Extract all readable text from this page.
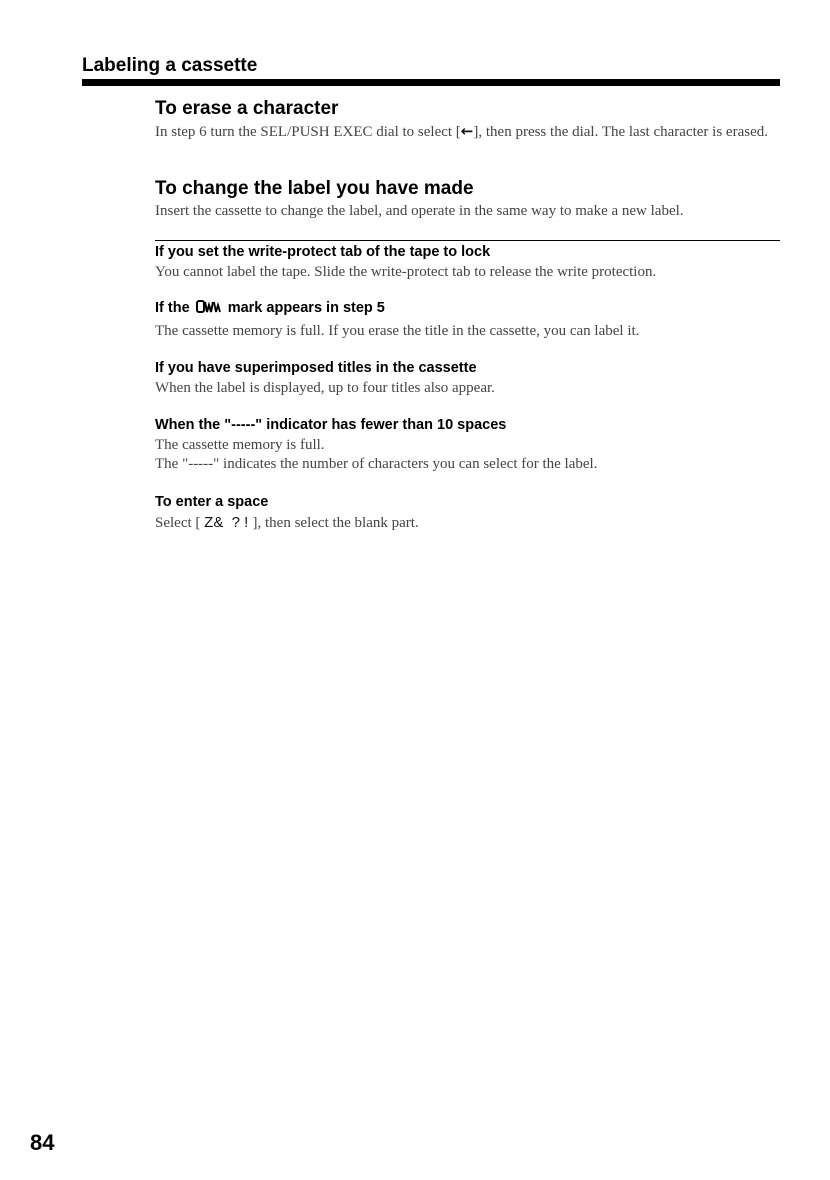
Labeling a cassette
To erase a character

In step 6 turn the SEL/PUSH EXEC dial to select [←], then press the dial. The last character is erased.

To change the label you have made

Insert the cassette to change the label, and operate in the same way to make a new label.

If you set the write-protect tab of the tape to lock

You cannot label the tape. Slide the write-protect tab to release the write protection.

If the	mark appears in step 5

The cassette memory is full. If you erase the title in the cassette, you can label it.

If you have superimposed titles in the cassette

When the label is displayed, up to four titles also appear.

When the "-----" indicator has fewer than 10 spaces

The cassette memory is full.

The "-----" indicates the number of characters you can select for the label.

To enter a space

Select [ Z&  ? ! ], then select the blank part.

84
